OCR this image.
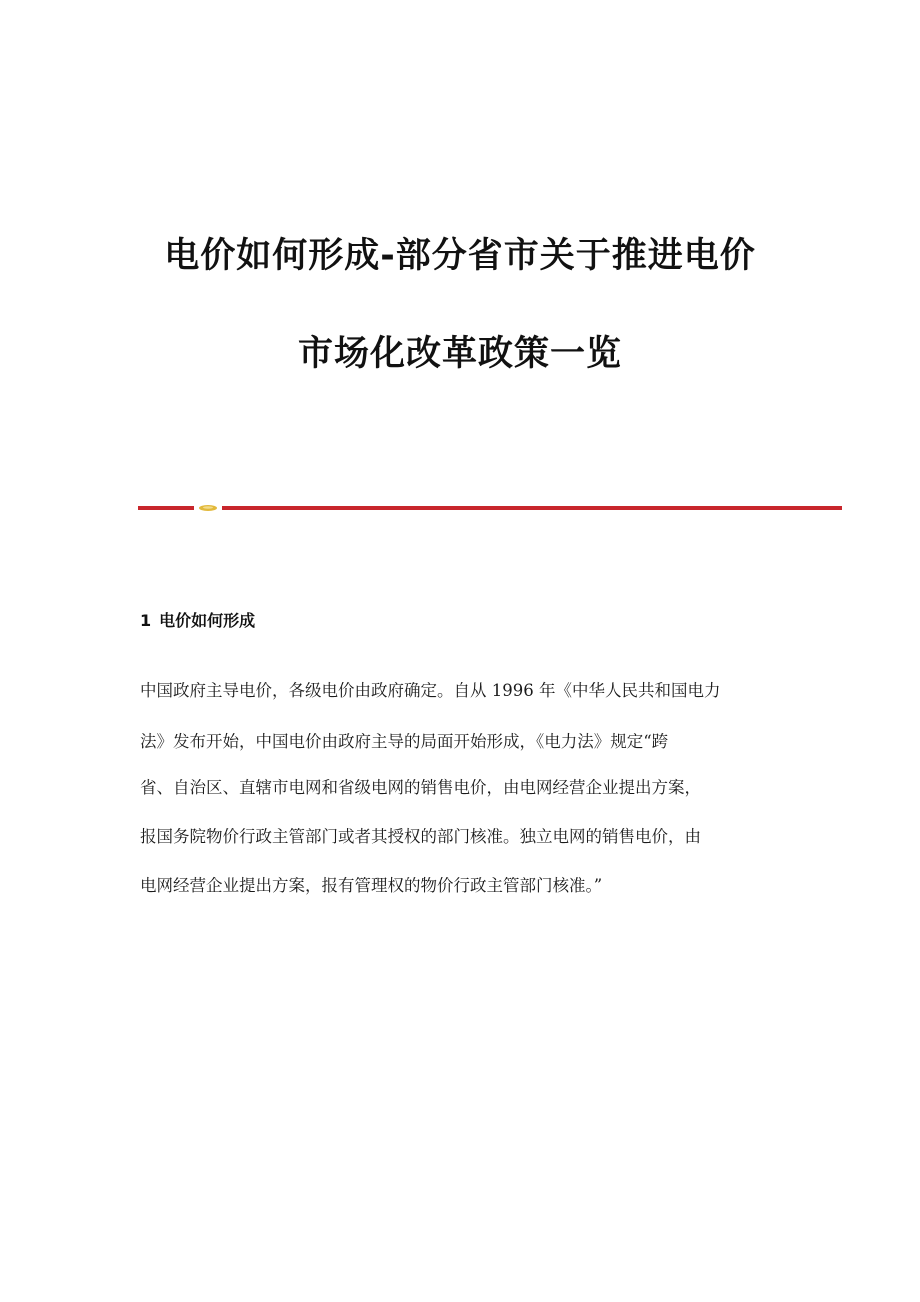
电价如何形成-部分省市关于推进电价
市场化改革政策一览
1 电价如何形成
中国政府主导电价，各级电价由政府确定。自从 1996 年《中华人民共和国电力
法》发布开始，中国电价由政府主导的局面开始形成，《电力法》规定“跨
省、自治区、直辖市电网和省级电网的销售电价，由电网经营企业提出方案，
报国务院物价行政主管部门或者其授权的部门核准。独立电网的销售电价，由
电网经营企业提出方案，报有管理权的物价行政主管部门核准。”
